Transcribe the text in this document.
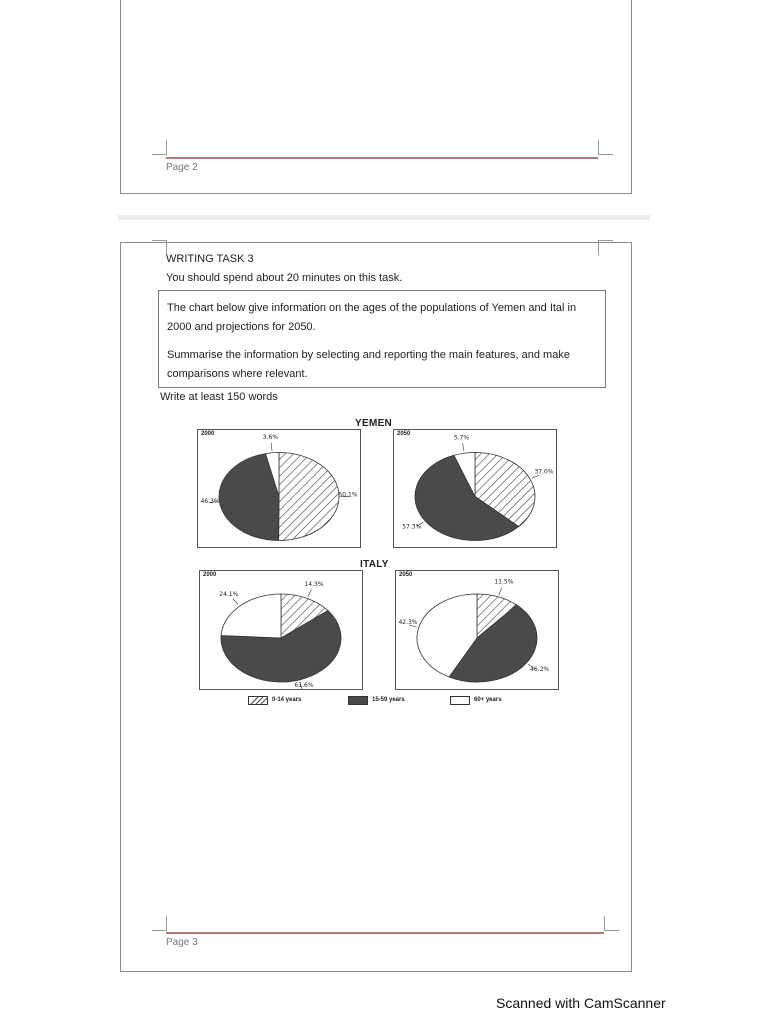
Page 2
WRITING TASK 3
You should spend about 20 minutes on this task.

The chart below give information on the ages of the populations of Yemen and Ital in 2000 and projections for 2050.

Summarise the information by selecting and reporting the main features, and make comparisons where relevant.

Write at least 150 words
YEMEN
ITALY
2000
50.1%
46.3%
3.6%	2050
37.0%
57.3%
5.7%
2000
14.3%
61.6%
24.1%
2050
11.5%
46.2%
42.3%
0-14 years	15-59 years	60+ years
Page 3
Scanned with CamScanner
